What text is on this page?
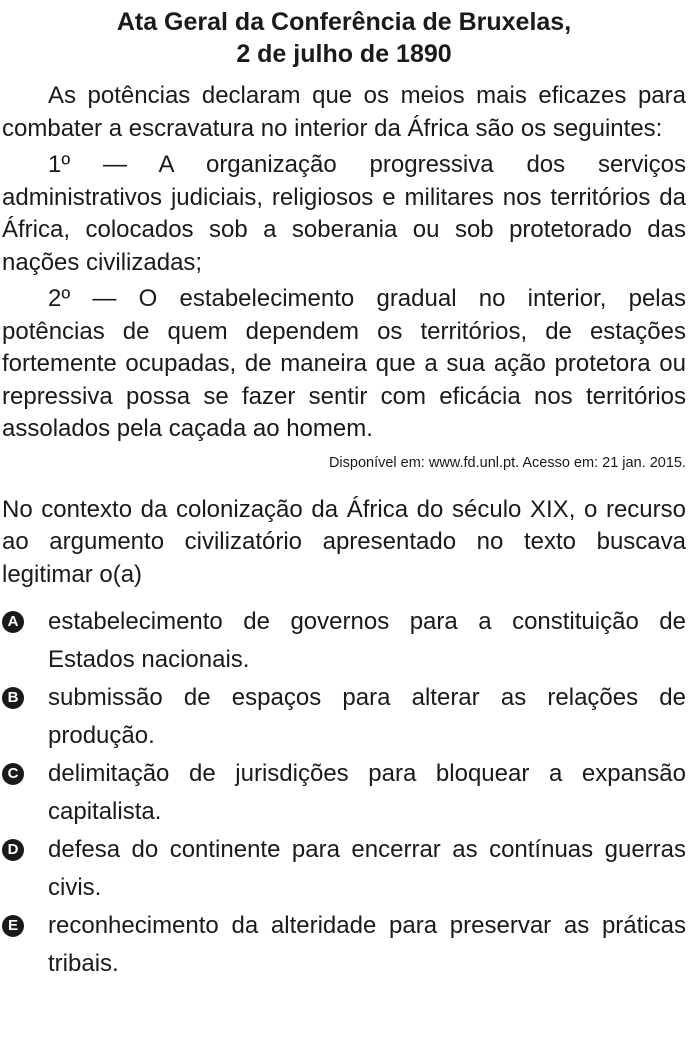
Ata Geral da Conferência de Bruxelas,
2 de julho de 1890

As potências declaram que os meios mais eficazes para combater a escravatura no interior da África são os seguintes:

1º — A organização progressiva dos serviços administrativos judiciais, religiosos e militares nos territórios da África, colocados sob a soberania ou sob protetorado das nações civilizadas;

2º — O estabelecimento gradual no interior, pelas potências de quem dependem os territórios, de estações fortemente ocupadas, de maneira que a sua ação protetora ou repressiva possa se fazer sentir com eficácia nos territórios assolados pela caçada ao homem.

Disponível em: www.fd.unl.pt. Acesso em: 21 jan. 2015.

No contexto da colonização da África do século XIX, o recurso ao argumento civilizatório apresentado no texto buscava legitimar o(a)

A estabelecimento de governos para a constituição de Estados nacionais.
B submissão de espaços para alterar as relações de produção.
C delimitação de jurisdições para bloquear a expansão capitalista.
D defesa do continente para encerrar as contínuas guerras civis.
E reconhecimento da alteridade para preservar as práticas tribais.
